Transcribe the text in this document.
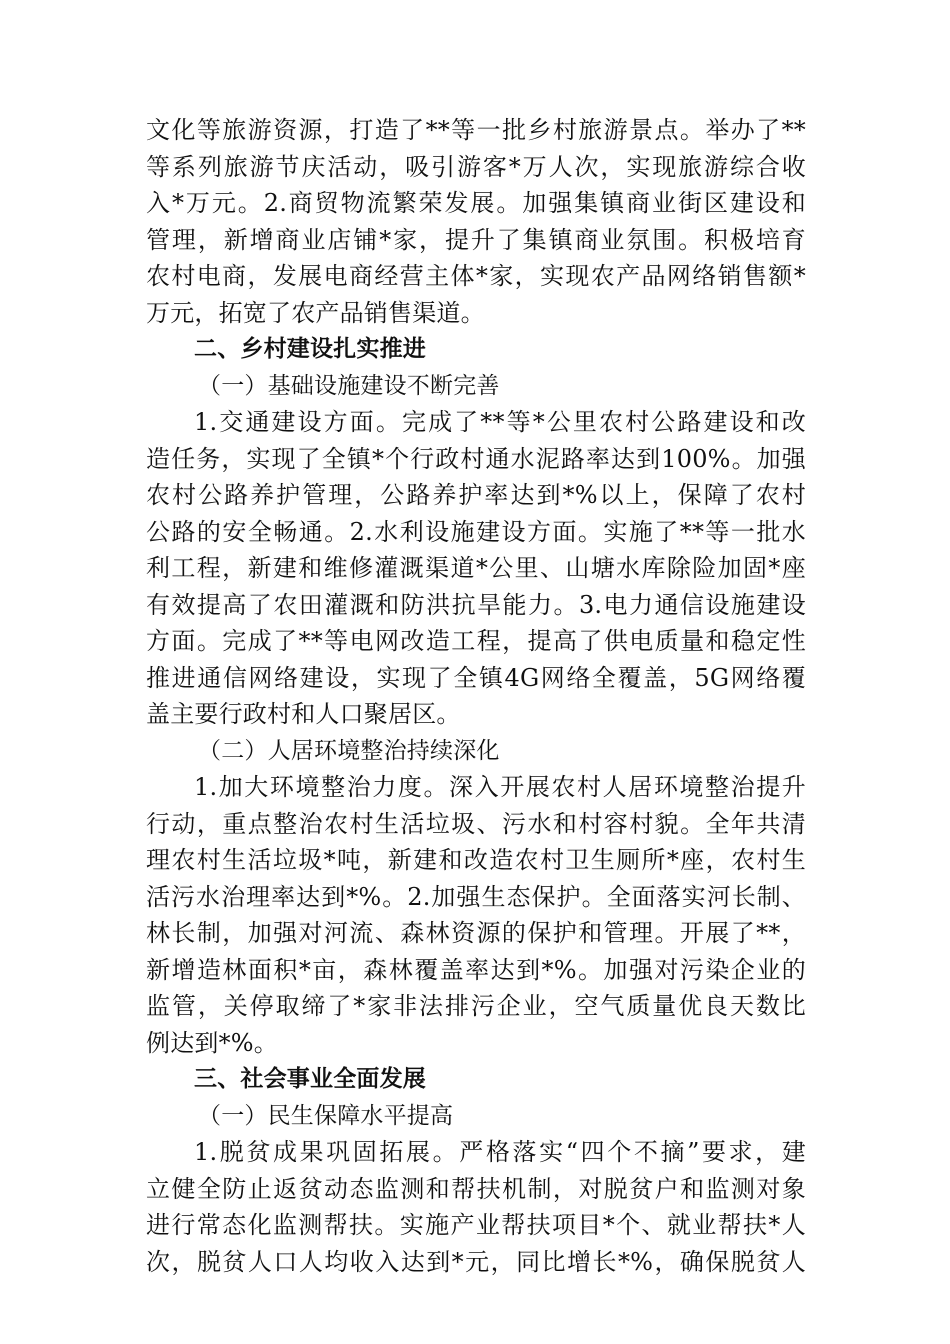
文化等旅游资源，打造了**等一批乡村旅游景点。举办了**
等系列旅游节庆活动，吸引游客*万人次，实现旅游综合收
入*万元。2.商贸物流繁荣发展。加强集镇商业街区建设和
管理，新增商业店铺*家，提升了集镇商业氛围。积极培育
农村电商，发展电商经营主体*家，实现农产品网络销售额*
万元，拓宽了农产品销售渠道。
二、乡村建设扎实推进
（一）基础设施建设不断完善
1.交通建设方面。完成了**等*公里农村公路建设和改
造任务，实现了全镇*个行政村通水泥路率达到100%。加强
农村公路养护管理，公路养护率达到*%以上，保障了农村
公路的安全畅通。2.水利设施建设方面。实施了**等一批水
利工程，新建和维修灌溉渠道*公里、山塘水库除险加固*座
有效提高了农田灌溉和防洪抗旱能力。3.电力通信设施建设
方面。完成了**等电网改造工程，提高了供电质量和稳定性
推进通信网络建设，实现了全镇4G网络全覆盖，5G网络覆
盖主要行政村和人口聚居区。
（二）人居环境整治持续深化
1.加大环境整治力度。深入开展农村人居环境整治提升
行动，重点整治农村生活垃圾、污水和村容村貌。全年共清
理农村生活垃圾*吨，新建和改造农村卫生厕所*座，农村生
活污水治理率达到*%。2.加强生态保护。全面落实河长制、
林长制，加强对河流、森林资源的保护和管理。开展了**，
新增造林面积*亩，森林覆盖率达到*%。加强对污染企业的
监管，关停取缔了*家非法排污企业，空气质量优良天数比
例达到*%。
三、社会事业全面发展
（一）民生保障水平提高
1.脱贫成果巩固拓展。严格落实“四个不摘”要求，建
立健全防止返贫动态监测和帮扶机制，对脱贫户和监测对象
进行常态化监测帮扶。实施产业帮扶项目*个、就业帮扶*人
次，脱贫人口人均收入达到*元，同比增长*%，确保脱贫人
